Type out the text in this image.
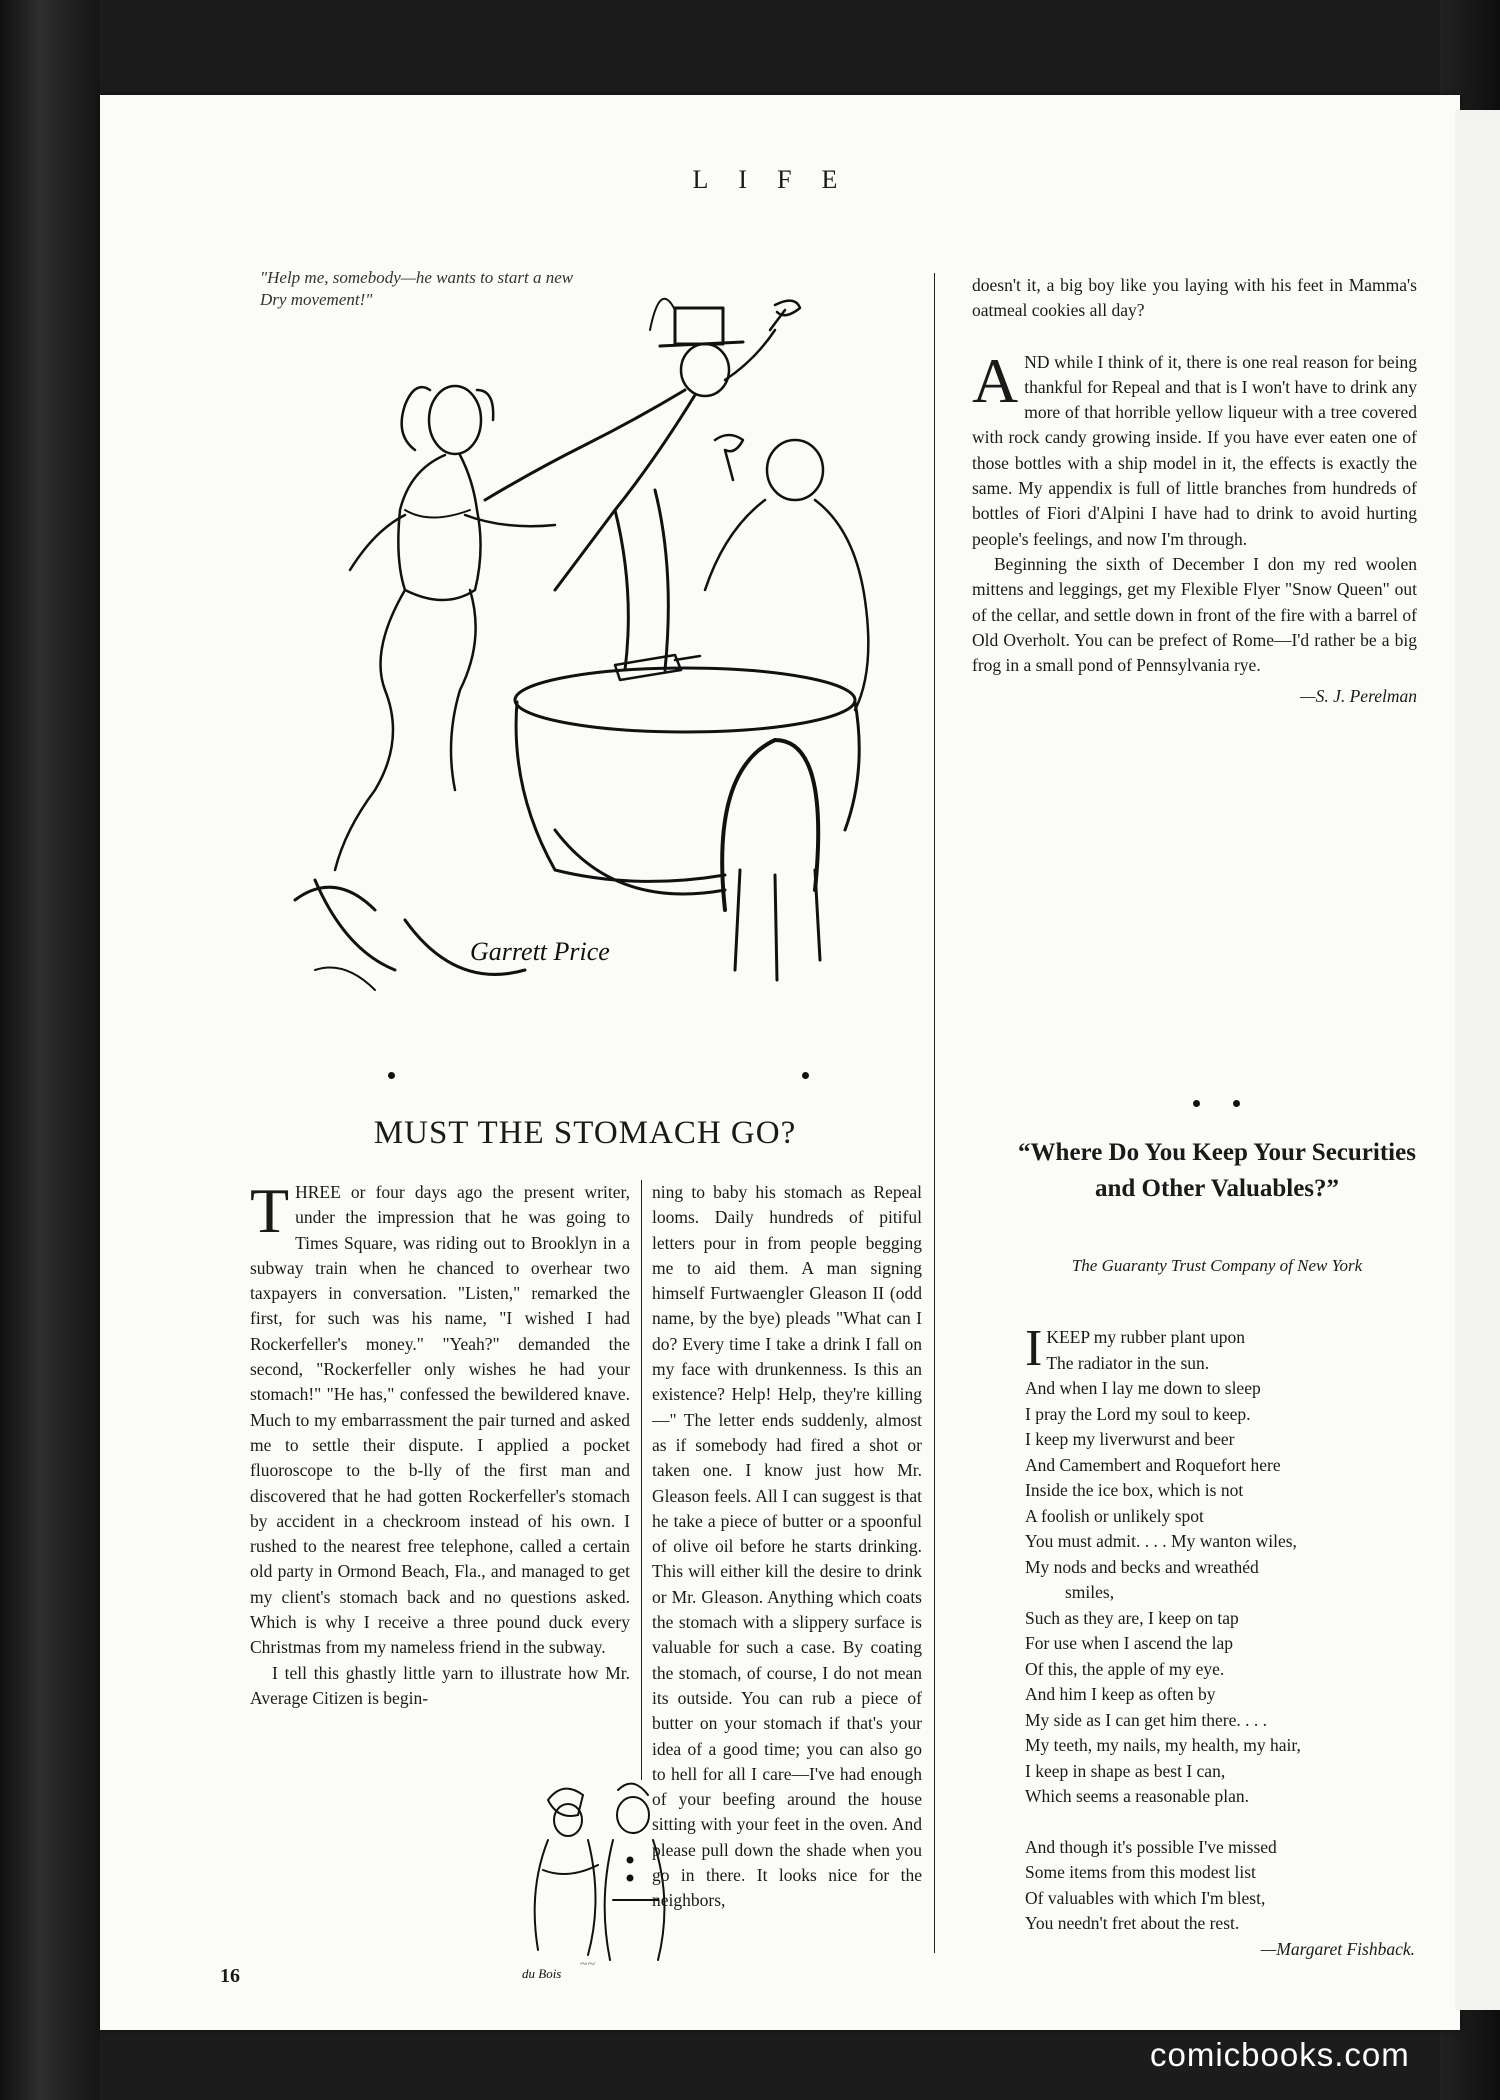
LIFE
"Help me, somebody—he wants to start a new Dry movement!"
Garrett Price
MUST THE STOMACH GO?
T HREE or four days ago the present writer, under the impression that he was going to Times Square, was riding out to Brooklyn in a subway train when he chanced to overhear two taxpayers in conversation. "Listen," remarked the first, for such was his name, "I wished I had Rockerfeller's money." "Yeah?" demanded the second, "Rockerfeller only wishes he had your stomach!" "He has," confessed the bewildered knave. Much to my embarrassment the pair turned and asked me to settle their dispute. I applied a pocket fluoroscope to the b-lly of the first man and discovered that he had gotten Rockerfeller's stomach by accident in a checkroom instead of his own. I rushed to the nearest free telephone, called a certain old party in Ormond Beach, Fla., and managed to get my client's stomach back and no questions asked. Which is why I receive a three pound duck every Christmas from my nameless friend in the subway.

I tell this ghastly little yarn to illustrate how Mr. Average Citizen is begin-

ning to baby his stomach as Repeal looms. Daily hundreds of pitiful letters pour in from people begging me to aid them. A man signing himself Furtwaengler Gleason II (odd name, by the bye) pleads "What can I do? Every time I take a drink I fall on my face with drunkenness. Is this an existence? Help! Help, they're killing—" The letter ends suddenly, almost as if somebody had fired a shot or taken one. I know just how Mr. Gleason feels. All I can suggest is that he take a piece of butter or a spoonful of olive oil before he starts drinking. This will either kill the desire to drink or Mr. Gleason. Anything which coats the stomach with a slippery surface is valuable for such a case. By coating the stomach, of course, I do not mean its outside. You can rub a piece of butter on your stomach if that's your idea of a good time; you can also go to hell for all I care—I've had enough of your beefing around the house sitting with your feet in the oven. And please pull down the shade when you go in there. It looks nice for the neighbors,

du Bois

doesn't it, a big boy like you laying with his feet in Mamma's oatmeal cookies all day?

A ND while I think of it, there is one real reason for being thankful for Repeal and that is I won't have to drink any more of that horrible yellow liqueur with a tree covered with rock candy growing inside. If you have ever eaten one of those bottles with a ship model in it, the effects is exactly the same. My appendix is full of little branches from hundreds of bottles of Fiori d'Alpini I have had to drink to avoid hurting people's feelings, and now I'm through.

Beginning the sixth of December I don my red woolen mittens and leggings, get my Flexible Flyer "Snow Queen" out of the cellar, and settle down in front of the fire with a barrel of Old Overholt. You can be prefect of Rome—I'd rather be a big frog in a small pond of Pennsylvania rye.

—S. J. Perelman
“Where Do You Keep Your Securities and Other Valuables?”
The Guaranty Trust Company of New York
I KEEP my rubber plant upon
The radiator in the sun.
And when I lay me down to sleep
I pray the Lord my soul to keep.
I keep my liverwurst and beer
And Camembert and Roquefort here
Inside the ice box, which is not
A foolish or unlikely spot
You must admit. . . . My wanton wiles,
My nods and becks and wreathéd
smiles,
Such as they are, I keep on tap
For use when I ascend the lap
Of this, the apple of my eye.
And him I keep as often by
My side as I can get him there. . . .
My teeth, my nails, my health, my hair,
I keep in shape as best I can,
Which seems a reasonable plan.
And though it's possible I've missed
Some items from this modest list
Of valuables with which I'm blest,
You needn't fret about the rest.
—Margaret Fishback.
16
~~
comicbooks.com
